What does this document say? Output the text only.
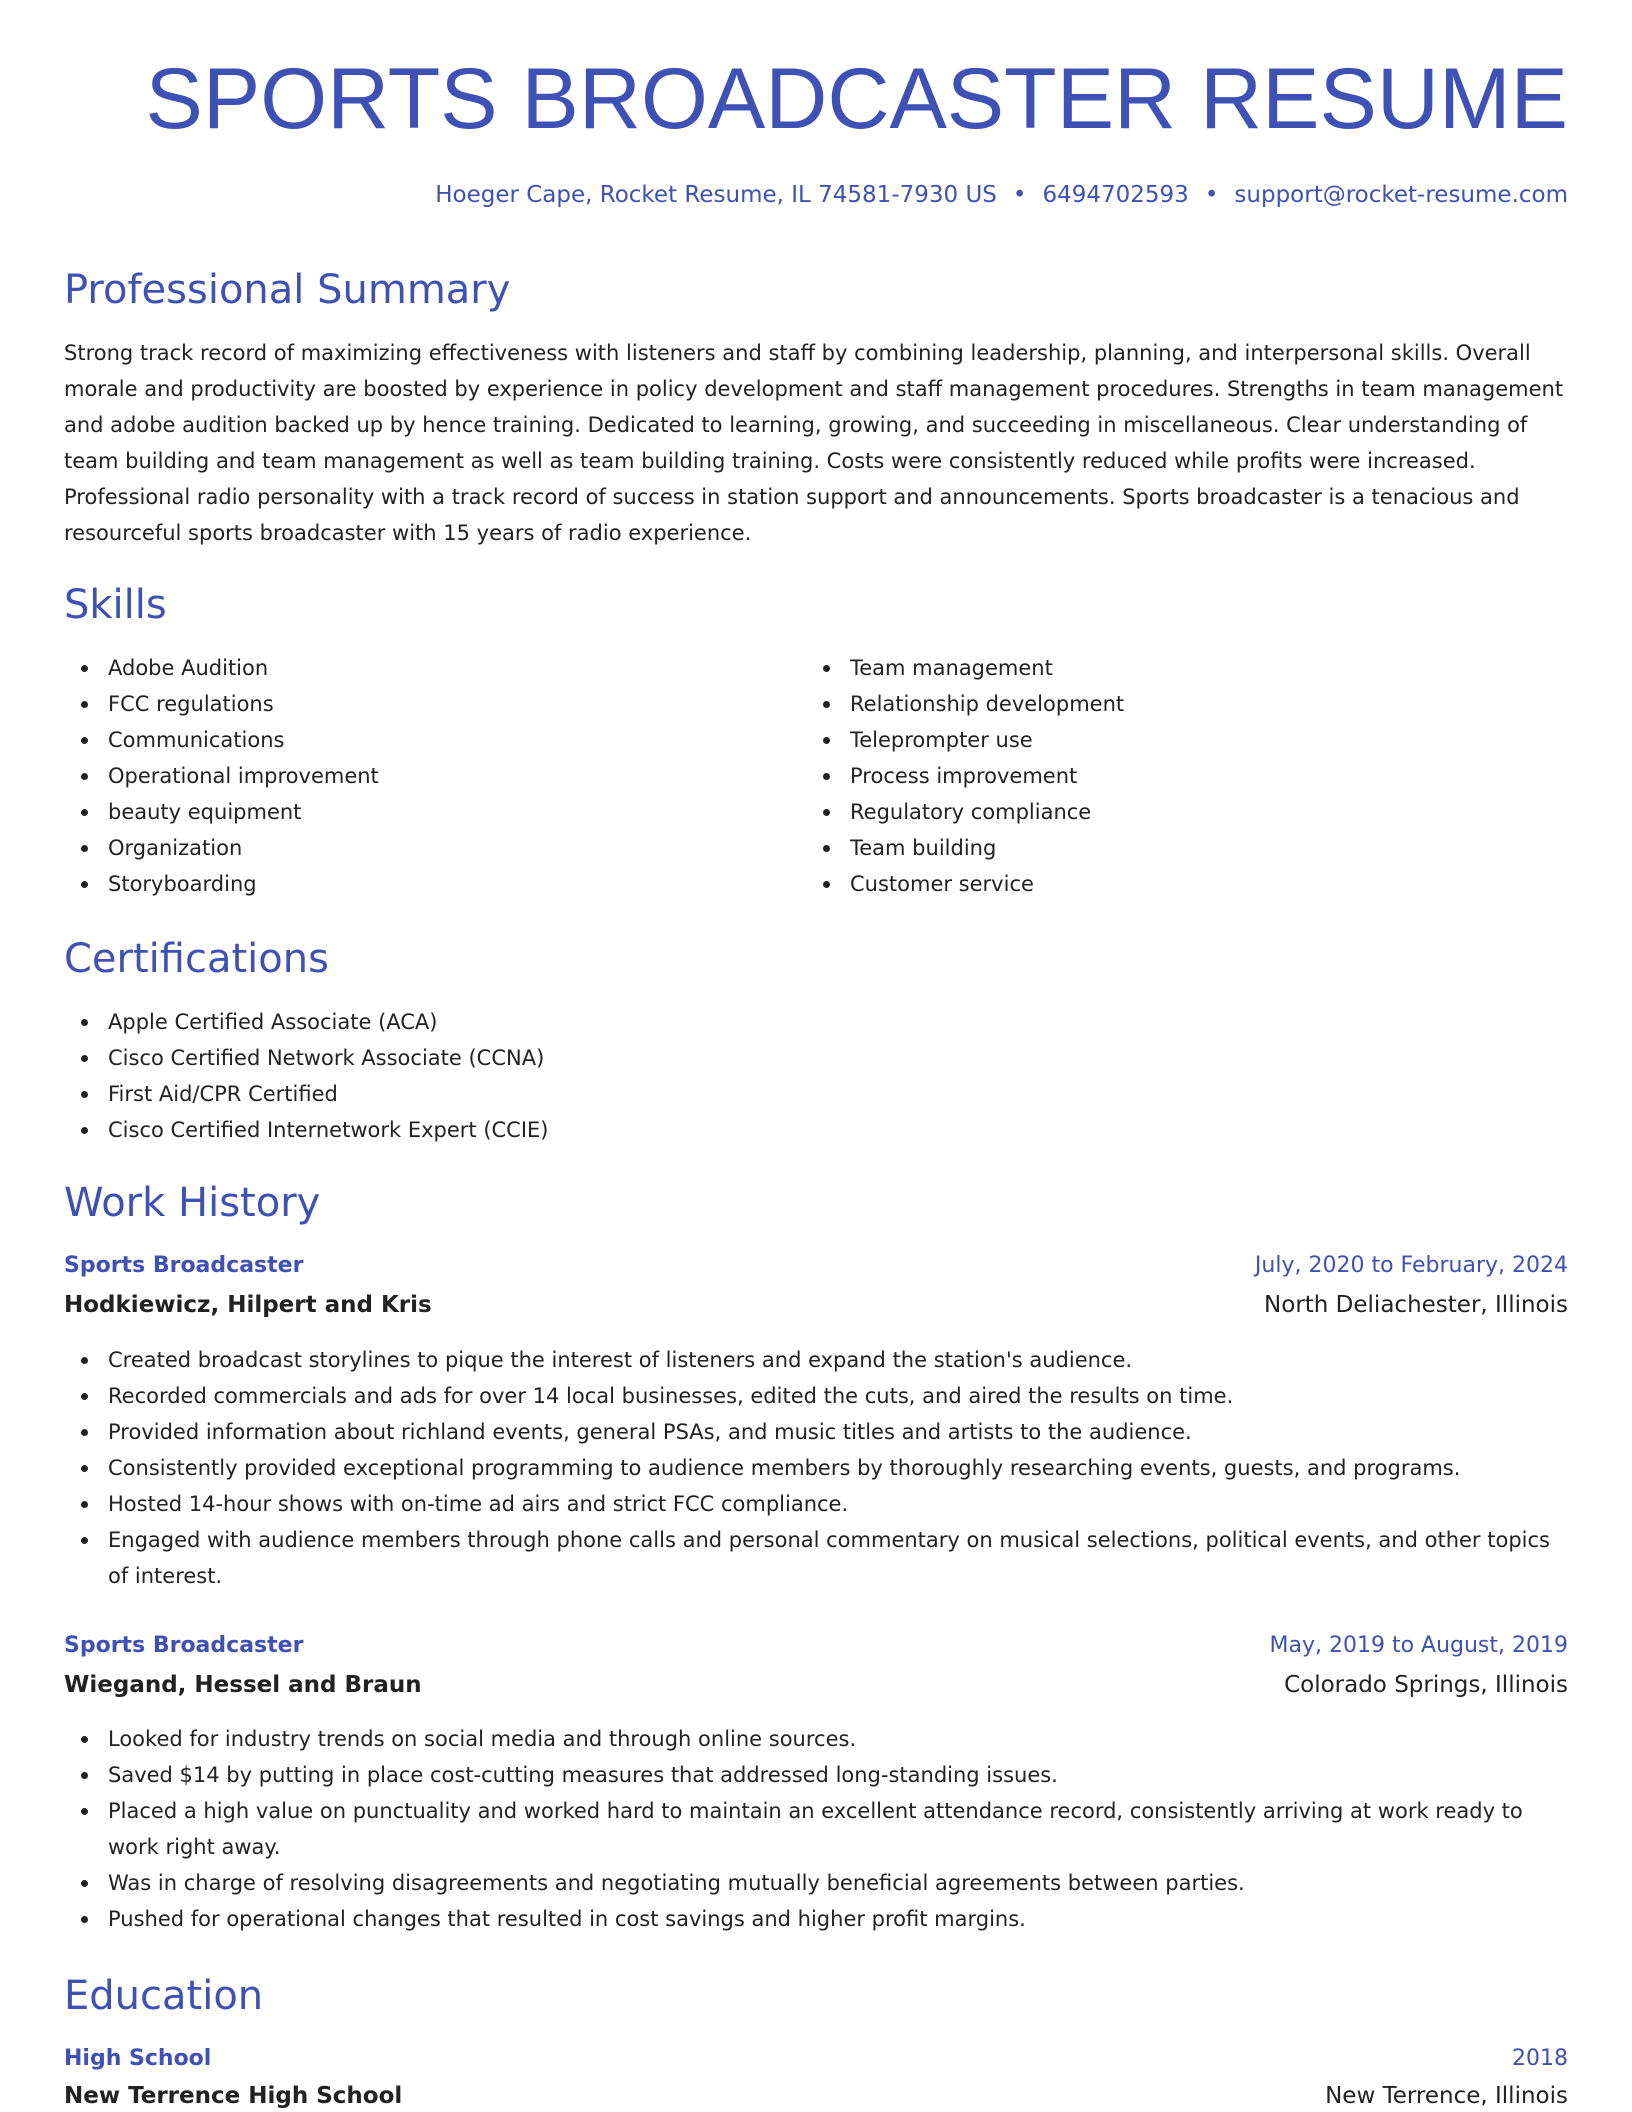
SPORTS BROADCASTER RESUME
Hoeger Cape, Rocket Resume, IL 74581-7930 US • 6494702593 • support@rocket-resume.com
Professional Summary

Strong track record of maximizing effectiveness with listeners and staff by combining leadership, planning, and interpersonal skills. Overall morale and productivity are boosted by experience in policy development and staff management procedures. Strengths in team management and adobe audition backed up by hence training. Dedicated to learning, growing, and succeeding in miscellaneous. Clear understanding of team building and team management as well as team building training. Costs were consistently reduced while profits were increased. Professional radio personality with a track record of success in station support and announcements. Sports broadcaster is a tenacious and resourceful sports broadcaster with 15 years of radio experience.

Skills
Adobe Audition
FCC regulations
Communications
Operational improvement
beauty equipment
Organization
Storyboarding
Team management
Relationship development
Teleprompter use
Process improvement
Regulatory compliance
Team building
Customer service
Certifications
Apple Certified Associate (ACA)
Cisco Certified Network Associate (CCNA)
First Aid/CPR Certified
Cisco Certified Internetwork Expert (CCIE)
Work History
Sports Broadcaster	July, 2020 to February, 2024
Hodkiewicz, Hilpert and Kris	North Deliachester, Illinois
Created broadcast storylines to pique the interest of listeners and expand the station's audience.
Recorded commercials and ads for over 14 local businesses, edited the cuts, and aired the results on time.
Provided information about richland events, general PSAs, and music titles and artists to the audience.
Consistently provided exceptional programming to audience members by thoroughly researching events, guests, and programs.
Hosted 14-hour shows with on-time ad airs and strict FCC compliance.
Engaged with audience members through phone calls and personal commentary on musical selections, political events, and other topics of interest.
Sports Broadcaster	May, 2019 to August, 2019
Wiegand, Hessel and Braun	Colorado Springs, Illinois
Looked for industry trends on social media and through online sources.
Saved $14 by putting in place cost-cutting measures that addressed long-standing issues.
Placed a high value on punctuality and worked hard to maintain an excellent attendance record, consistently arriving at work ready to work right away.
Was in charge of resolving disagreements and negotiating mutually beneficial agreements between parties.
Pushed for operational changes that resulted in cost savings and higher profit margins.
Education
High School	2018
New Terrence High School	New Terrence, Illinois
